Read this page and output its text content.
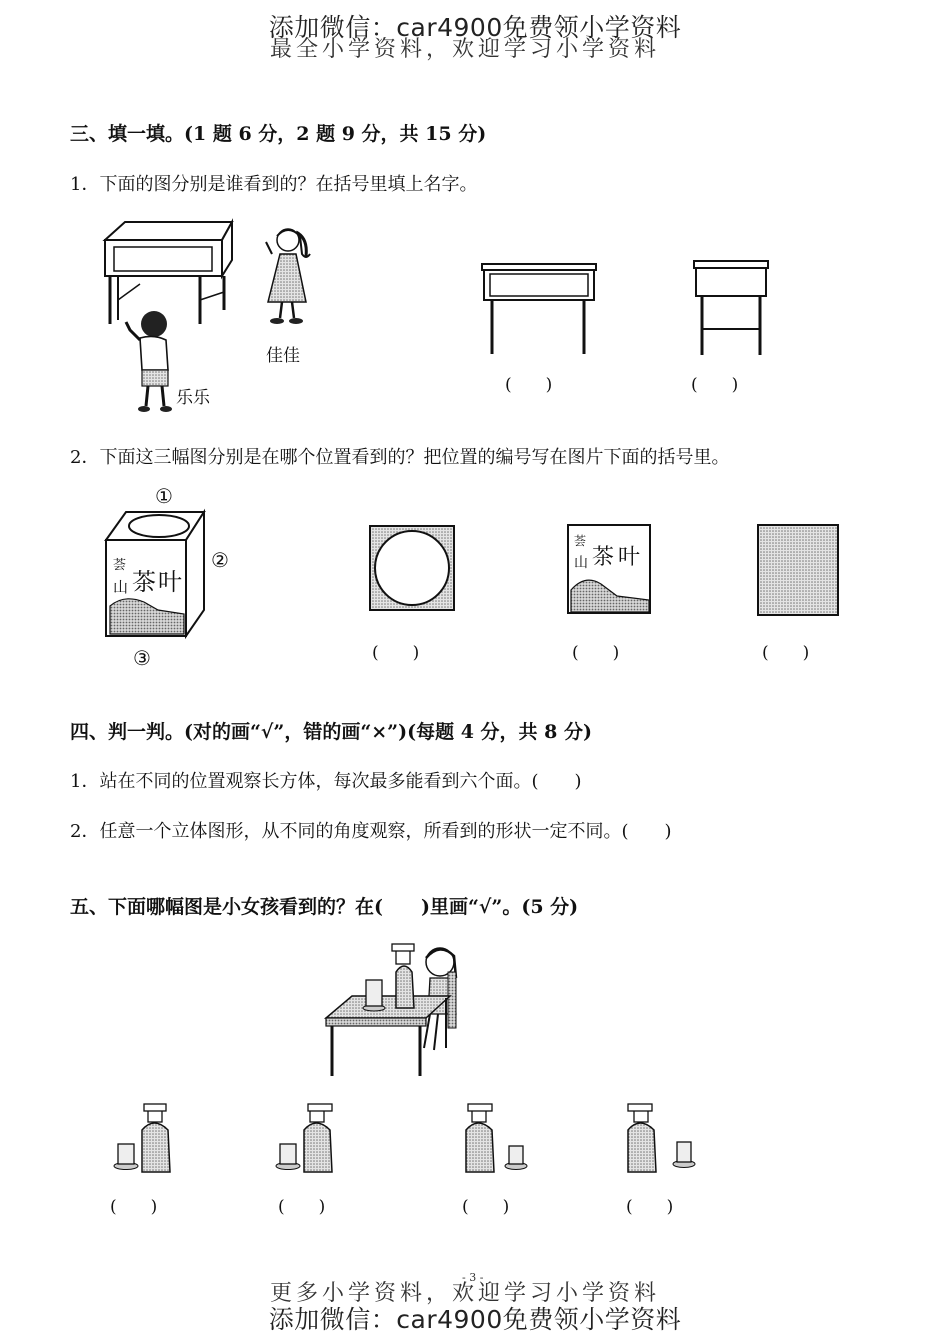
添加微信：car4900免费领小学资料
最全小学资料，欢迎学习小学资料
三、填一填。(1 题 6 分，2 题 9 分，共 15 分)
1．下面的图分别是谁看到的？在括号里填上名字。
乐乐
佳佳
(　　)	(　　)
2．下面这三幅图分别是在哪个位置看到的？把位置的编号写在图片下面的括号里。
荟
山 茶 叶
①
②
③	(　　)
荟
山 茶 叶
(　　)	(　　)
四、判一判。(对的画“√”，错的画“×”)(每题 4 分，共 8 分)
1．站在不同的位置观察长方体，每次最多能看到六个面。(　　)
2．任意一个立体图形，从不同的角度观察，所看到的形状一定不同。(　　)
五、下面哪幅图是小女孩看到的？在(　　)里画“√”。(5 分)
(　　)	(　　)	(　　)	(　　)
- 3 -
更多小学资料，欢迎学习小学资料
添加微信：car4900免费领小学资料
